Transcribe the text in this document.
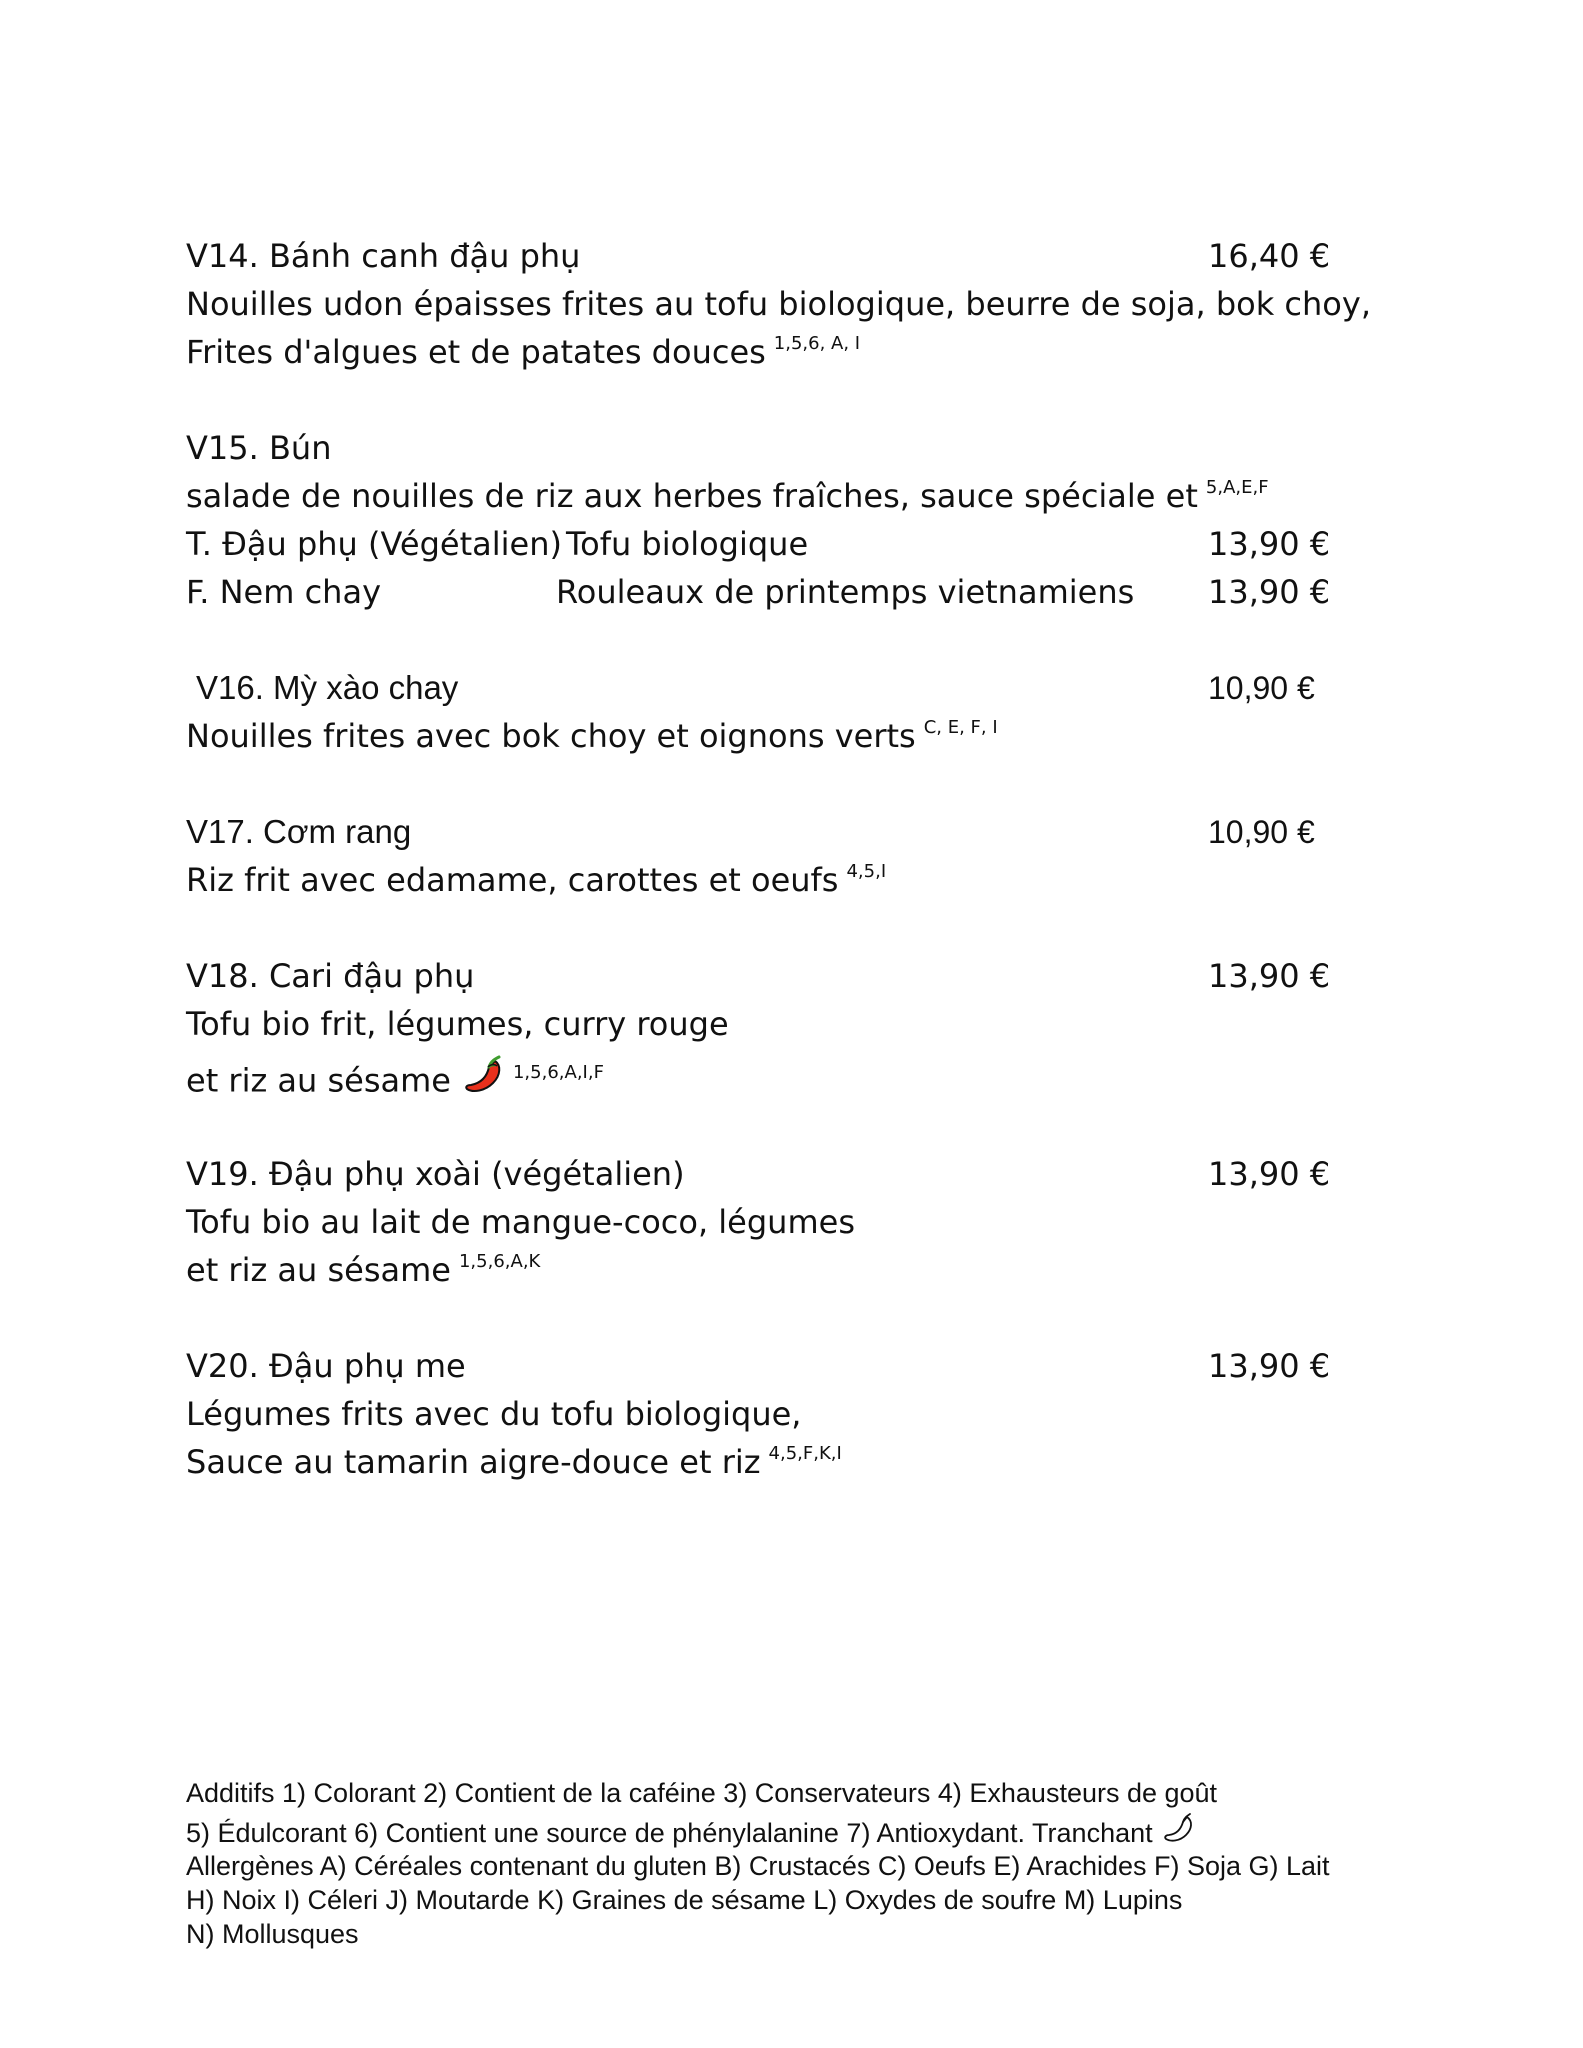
V14. Bánh canh đậu phụ	16,40 €
Nouilles udon épaisses frites au tofu biologique, beurre de soja, bok choy,
Frites d'algues et de patates douces $^{1,5,6, A, I}$
V15. Bún
salade de nouilles de riz aux herbes fraîches, sauce spéciale et $^{5,A,E,F}$
T. Đậu phụ (Végétalien) Tofu biologique	13,90 €
F. Nem chay	Rouleaux de printemps vietnamiens 13,90 €
V16. Mỳ xào chay	10,90 €
Nouilles frites avec bok choy et oignons verts $^{C, E, F, I}$
V17. Cơm rang	10,90 €
Riz frit avec edamame, carottes et oeufs $^{4,5,I}$
V18. Cari đậu phụ	13,90 €
Tofu bio frit, légumes, curry rouge
et riz au sésame	$^{1,5,6,A,I,F}$
V19. Đậu phụ xoài (végétalien)	13,90 €
Tofu bio au lait de mangue-coco, légumes
et riz au sésame $^{1,5,6,A,K}$
V20. Đậu phụ me	13,90 €
Légumes frits avec du tofu biologique,
Sauce au tamarin aigre-douce et riz $^{4,5,F,K,I}$
Additifs 1) Colorant 2) Contient de la caféine 3) Conservateurs 4) Exhausteurs de goût
5) Édulcorant 6) Contient une source de phénylalanine 7) Antioxydant. Tranchant
Allergènes A) Céréales contenant du gluten B) Crustacés C) Oeufs E) Arachides F) Soja G) Lait
H) Noix I) Céleri J) Moutarde K) Graines de sésame L) Oxydes de soufre M) Lupins
N) Mollusques
